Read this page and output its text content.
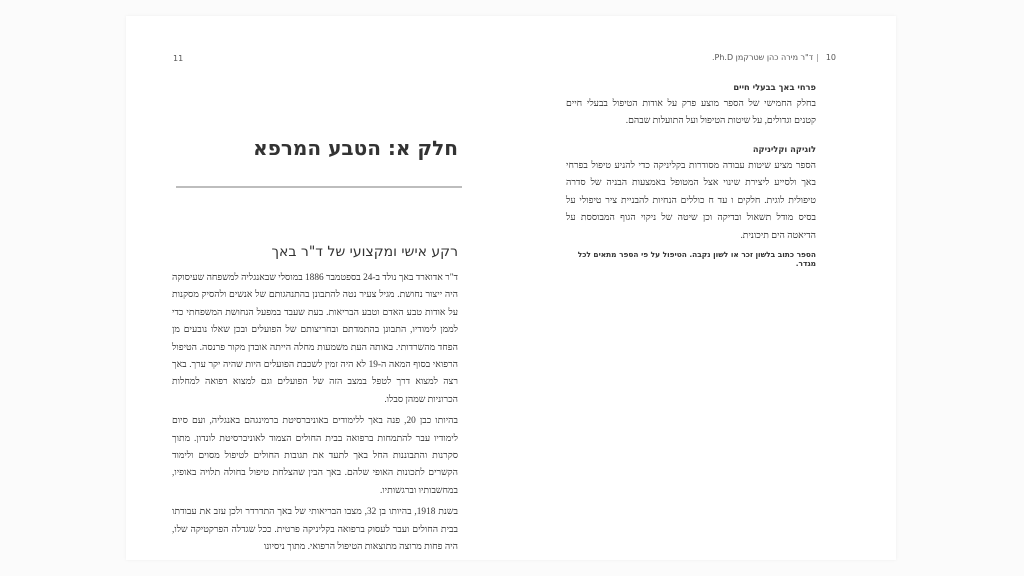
11
חלק א: הטבע המרפא
רקע אישי ומקצועי של ד"ר באך

ד"ר אדוארד באך נולד ב-24 בספטמבר 1886 במוסלי שבאנגליה למשפחה שעיסוקה היה ייצור נחושת. מגיל צעיר נטה להתבונן בהתנהגותם של אנשים ולהסיק מסקנות על אודות טבע האדם וטבע הבריאות. בעת שעבד במפעל הנחושת המשפחתי כדי לממן לימודיו, התבונן בהתמדתם ובחריצותם של הפועלים ובכן שאלו נובעים מן הפחד מהשרדותי. באותה העת משמעות מחלה הייתה אובדן מקור פרנסה. הטיפול הרפואי בסוף המאה ה-19 לא היה זמין לשכבת הפועלים היות שהיה יקר ערך. באך רצה למצוא דרך לטפל במצב הזה של הפועלים וגם למצוא רפואה למחלות הכרוניות שמהן סבלו.

בהיותו כבן 20, פנה באך ללימודים באוניברסיטת ברמינגהם באנגליה, ועם סיום לימודיו עבר להתמחות ברפואה בבית החולים הצמוד לאוניברסיטת לונדון. מתוך סקרנות והתבוננות החל באך לתעד את תגובות החולים לטיפול מסוים ולימוד הקשרים לתכונות האופי שלהם. באך הבין שהצלחת טיפול בחולה תלויה באופיו, במחשבותיו וברגשותיו.

בשנת 1918, בהיותו בן 32, מצבו הבריאותי של באך התדרדר ולכן עזב את עבודתו בבית החולים ועבר לעסוק ברפואה בקליניקה פרטית. ככל שגדלה הפרקטיקה שלו, היה פחות מרוצה מתוצאות הטיפול הרפואי. מתוך ניסיונו

10|ד"ר מירה כהן שטרקמן Ph.D.
פרחי באך בבעלי חיים

בחלק החמישי של הספר מוצע פרק על אודות הטיפול בבעלי חיים קטנים וגדולים, על שיטות הטיפול ועל התועלות שבהם.

לוגיקה וקליניקה

הספר מציע שיטות עבודה מסודרות בקליניקה כדי להניע טיפול בפרחי באך ולסייע ליצירת שינוי אצל המטופל באמצעות הבניה של סדרה טיפולית לוגית. חלקים ו עד ח כוללים הנחיות להבניית ציר טיפולי על בסיס מודל תשאול ובדיקה וכן שיטה של ניקוי הגוף המבוססת על הדיאטה הים תיכונית.

הספר כתוב בלשון זכר או לשון נקבה. הטיפול על פי הספר מתאים לכל מגדר.
